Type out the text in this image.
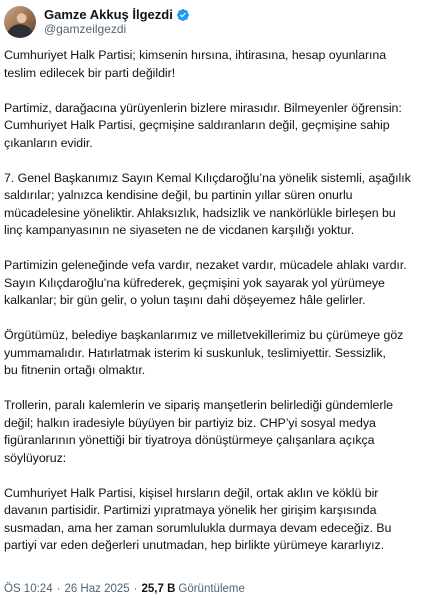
Gamze Akkuş İlgezdi
@gamzeilgezdi

Cumhuriyet Halk Partisi; kimsenin hırsına, ihtirasına, hesap oyunlarına
teslim edilecek bir parti değildir!

Partimiz, darağacına yürüyenlerin bizlere mirasıdır. Bilmeyenler öğrensin:
Cumhuriyet Halk Partisi, geçmişine saldıranların değil, geçmişine sahip
çıkanların evidir.

7. Genel Başkanımız Sayın Kemal Kılıçdaroğlu’na yönelik sistemli, aşağılık
saldırılar; yalnızca kendisine değil, bu partinin yıllar süren onurlu
mücadelesine yöneliktir. Ahlaksızlık, hadsizlik ve nankörlükle birleşen bu
linç kampanyasının ne siyaseten ne de vicdanen karşılığı yoktur.

Partimizin geleneğinde vefa vardır, nezaket vardır, mücadele ahlakı vardır.
Sayın Kılıçdaroğlu’na küfrederek, geçmişini yok sayarak yol yürümeye
kalkanlar; bir gün gelir, o yolun taşını dahi döşeyemez hâle gelirler.

Örgütümüz, belediye başkanlarımız ve milletvekillerimiz bu çürümeye göz
yummamalıdır. Hatırlatmak isterim ki suskunluk, teslimiyettir. Sessizlik,
bu fitnenin ortağı olmaktır.

Trollerin, paralı kalemlerin ve sipariş manşetlerin belirlediği gündemlerle
değil; halkın iradesiyle büyüyen bir partiyiz biz. CHP’yi sosyal medya
figüranlarının yönettiği bir tiyatroya dönüştürmeye çalışanlara açıkça
söylüyoruz:

Cumhuriyet Halk Partisi, kişisel hırsların değil, ortak aklın ve köklü bir
davanın partisidir. Partimizi yıpratmaya yönelik her girişim karşısında
susmadan, ama her zaman sorumlulukla durmaya devam edeceğiz. Bu
partiyi var eden değerleri unutmadan, hep birlikte yürümeye kararlıyız.

ÖS 10:24 · 26 Haz 2025 · 25,7 B Görüntüleme
